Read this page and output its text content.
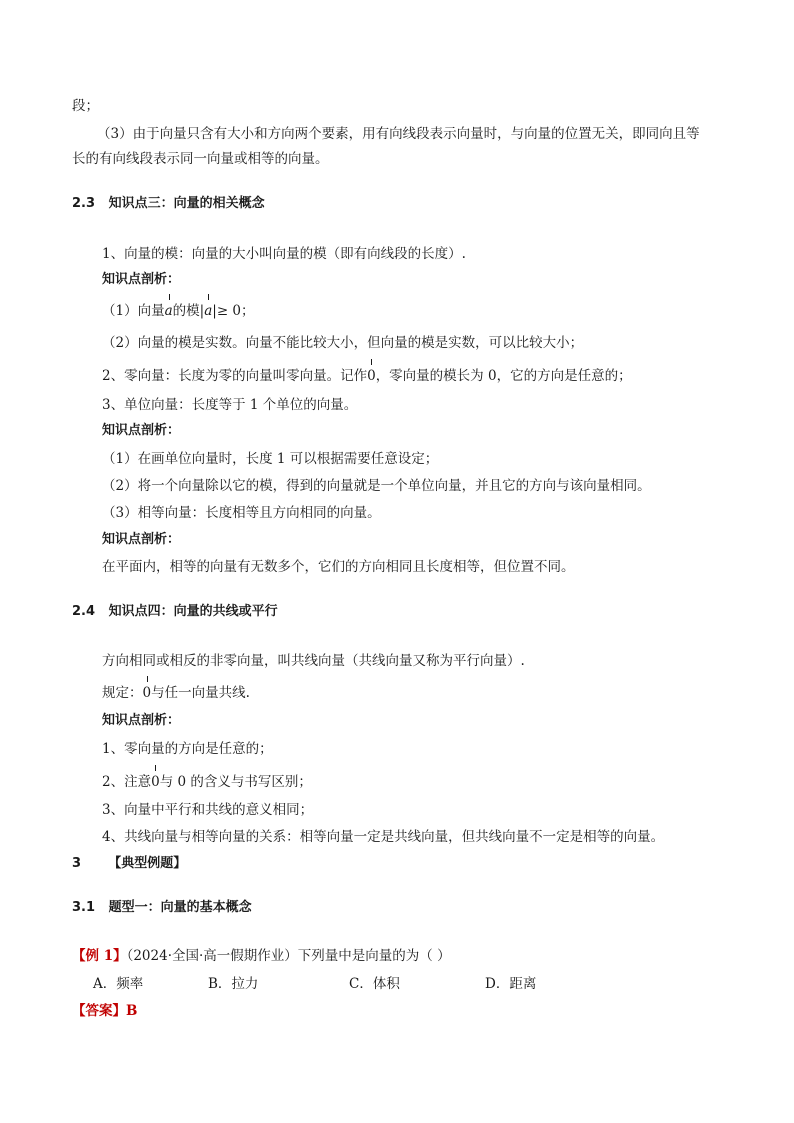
段；
（3）由于向量只含有大小和方向两个要素，用有向线段表示向量时，与向量的位置无关，即同向且等
长的有向线段表示同一向量或相等的向量。
2.3 知识点三：向量的相关概念
1、向量的模：向量的大小叫向量的模（即有向线段的长度）.
知识点剖析：
（1）向量a的模|a|≥ 0；
（2）向量的模是实数。向量不能比较大小，但向量的模是实数，可以比较大小；
2、零向量：长度为零的向量叫零向量。记作0，零向量的模长为 0，它的方向是任意的；
3、单位向量：长度等于 1 个单位的向量。
知识点剖析：
（1）在画单位向量时，长度 1 可以根据需要任意设定；
（2）将一个向量除以它的模，得到的向量就是一个单位向量，并且它的方向与该向量相同。
（3）相等向量：长度相等且方向相同的向量。
知识点剖析：
在平面内，相等的向量有无数多个，它们的方向相同且长度相等，但位置不同。
2.4 知识点四：向量的共线或平行
方向相同或相反的非零向量，叫共线向量（共线向量又称为平行向量）.
规定：0与任一向量共线.
知识点剖析：
1、零向量的方向是任意的；
2、注意0与 0 的含义与书写区别；
3、向量中平行和共线的意义相同；
4、共线向量与相等向量的关系：相等向量一定是共线向量，但共线向量不一定是相等的向量。
3 【典型例题】
3.1 题型一：向量的基本概念
【例 1】（2024·全国·高一假期作业）下列量中是向量的为（ ）
A．频率	B．拉力	C．体积	D．距离
【答案】B
